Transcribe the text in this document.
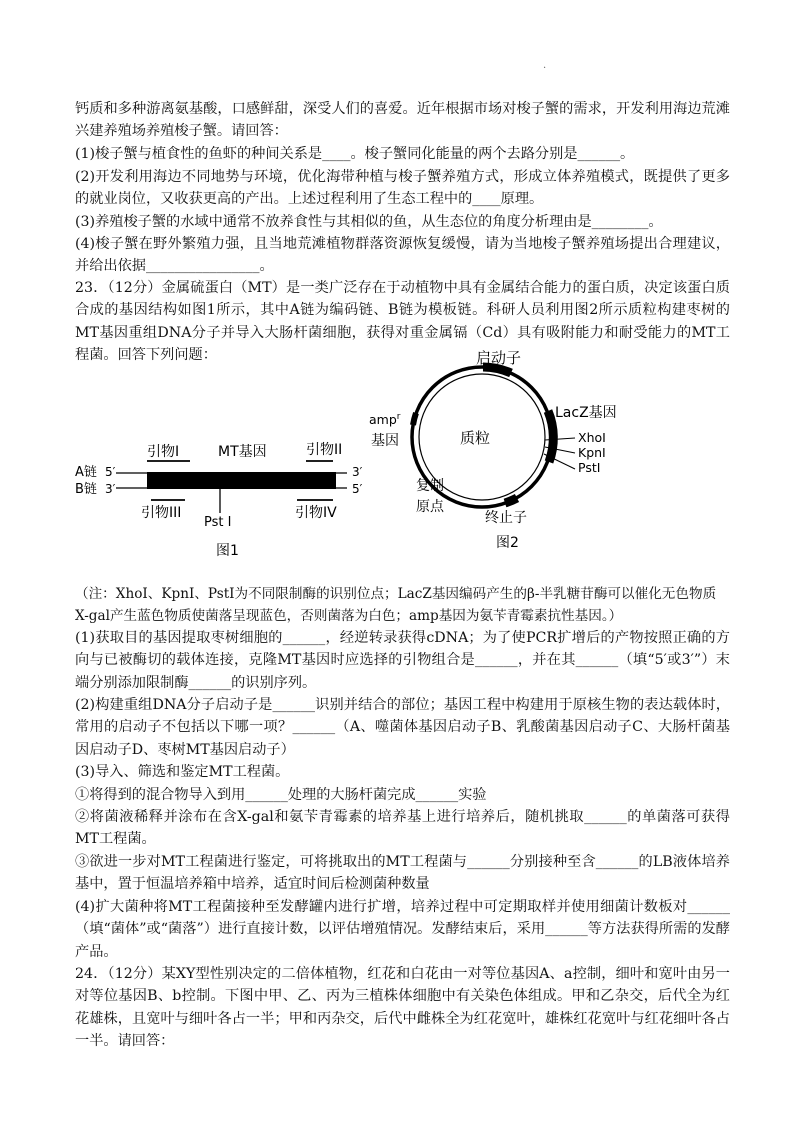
.
钙质和多种游离氨基酸，口感鲜甜，深受人们的喜爱。近年根据市场对梭子蟹的需求，开发利用海边荒滩兴建养殖场养殖梭子蟹。请回答：
(1)梭子蟹与植食性的鱼虾的种间关系是____。梭子蟹同化能量的两个去路分别是______。
(2)开发利用海边不同地势与环境，优化海带种植与梭子蟹养殖方式，形成立体养殖模式，既提供了更多的就业岗位，又收获更高的产出。上述过程利用了生态工程中的____原理。
(3)养殖梭子蟹的水域中通常不放养食性与其相似的鱼，从生态位的角度分析理由是________。
(4)梭子蟹在野外繁殖力强，且当地荒滩植物群落资源恢复缓慢，请为当地梭子蟹养殖场提出合理建议，并给出依据________________。
23．（12分）金属硫蛋白（MT）是一类广泛存在于动植物中具有金属结合能力的蛋白质，决定该蛋白质合成的基因结构如图1所示，其中A链为编码链、B链为模板链。科研人员利用图2所示质粒构建枣树的MT基因重组DNA分子并导入大肠杆菌细胞，获得对重金属镉（Cd）具有吸附能力和耐受能力的MT工程菌。回答下列问题：
引物I	MT基因	引物II
A链
B链
5′
3′
3′
5′
引物III
Pst I
引物IV
图1
启动子
LacZ基因
XhoI
KpnI
PstI
amp$^r$
基因	质粒
复制
原点
终止子
图2
（注：XhoI、KpnI、PstI为不同限制酶的识别位点；LacZ基因编码产生的β-半乳糖苷酶可以催化无色物质
X-gal产生蓝色物质使菌落呈现蓝色，否则菌落为白色；amp基因为氨苄青霉素抗性基因。）
(1)获取目的基因提取枣树细胞的______，经逆转录获得cDNA；为了使PCR扩增后的产物按照正确的方向与已被酶切的载体连接，克隆MT基因时应选择的引物组合是______，并在其______（填“5′或3′”）末端分别添加限制酶______的识别序列。
(2)构建重组DNA分子启动子是______识别并结合的部位；基因工程中构建用于原核生物的表达载体时，常用的启动子不包括以下哪一项？______（A、噬菌体基因启动子B、乳酸菌基因启动子C、大肠杆菌基因启动子D、枣树MT基因启动子）
(3)导入、筛选和鉴定MT工程菌。
①将得到的混合物导入到用______处理的大肠杆菌完成______实验
②将菌液稀释并涂布在含X-gal和氨苄青霉素的培养基上进行培养后，随机挑取______的单菌落可获得MT工程菌。
③欲进一步对MT工程菌进行鉴定，可将挑取出的MT工程菌与______分别接种至含______的LB液体培养基中，置于恒温培养箱中培养，适宜时间后检测菌种数量
(4)扩大菌种将MT工程菌接种至发酵罐内进行扩增，培养过程中可定期取样并使用细菌计数板对______（填“菌体”或“菌落”）进行直接计数，以评估增殖情况。发酵结束后，采用______等方法获得所需的发酵产品。
24．（12分）某XY型性别决定的二倍体植物，红花和白花由一对等位基因A、a控制，细叶和宽叶由另一对等位基因B、b控制。下图中甲、乙、丙为三植株体细胞中有关染色体组成。甲和乙杂交，后代全为红花雄株，且宽叶与细叶各占一半；甲和丙杂交，后代中雌株全为红花宽叶，雄株红花宽叶与红花细叶各占一半。请回答：
